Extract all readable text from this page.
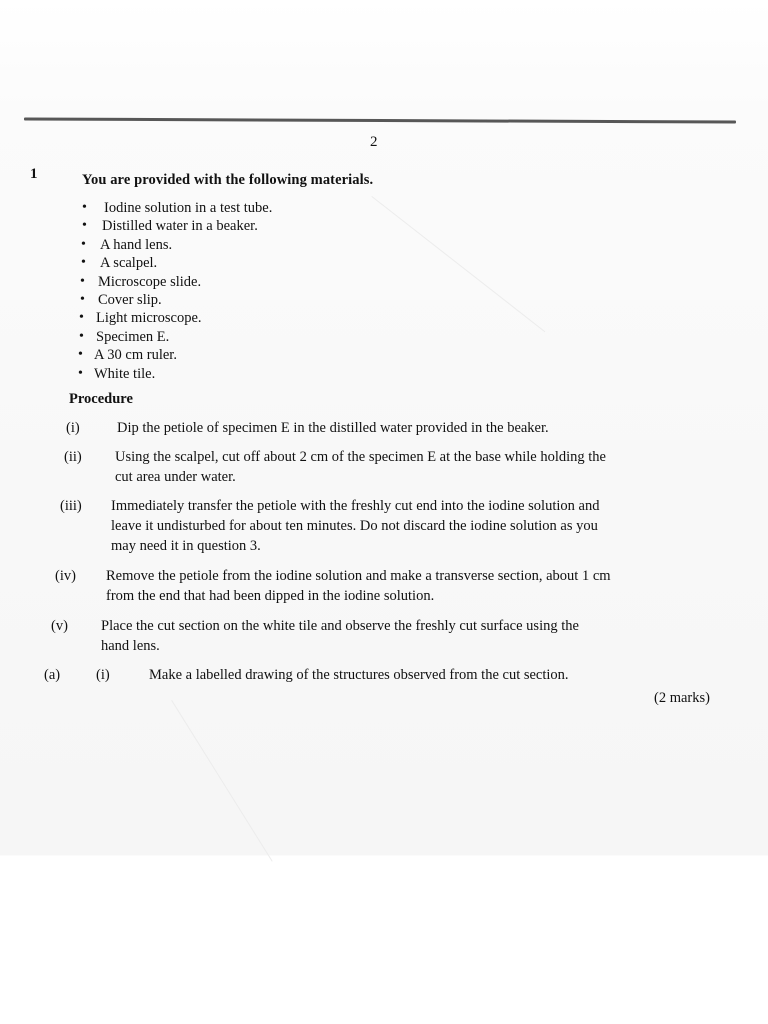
2
1	You are provided with the following materials.
• Iodine solution in a test tube.
• Distilled water in a beaker.
• A hand lens.
• A scalpel.
• Microscope slide.
• Cover slip.
• Light microscope.
• Specimen E.
• A 30 cm ruler.
• White tile.
Procedure
(i)	Dip the petiole of specimen E in the distilled water provided in the beaker.
(ii) Using the scalpel, cut off about 2 cm of the specimen E at the base while holding the
cut area under water.
(iii) Immediately transfer the petiole with the freshly cut end into the iodine solution and
leave it undisturbed for about ten minutes. Do not discard the iodine solution as you
may need it in question 3.
(iv) Remove the petiole from the iodine solution and make a transverse section, about 1 cm
from the end that had been dipped in the iodine solution.
(v) Place the cut section on the white tile and observe the freshly cut surface using the
hand lens.
(a) (i)	Make a labelled drawing of the structures observed from the cut section.
(2 marks)
